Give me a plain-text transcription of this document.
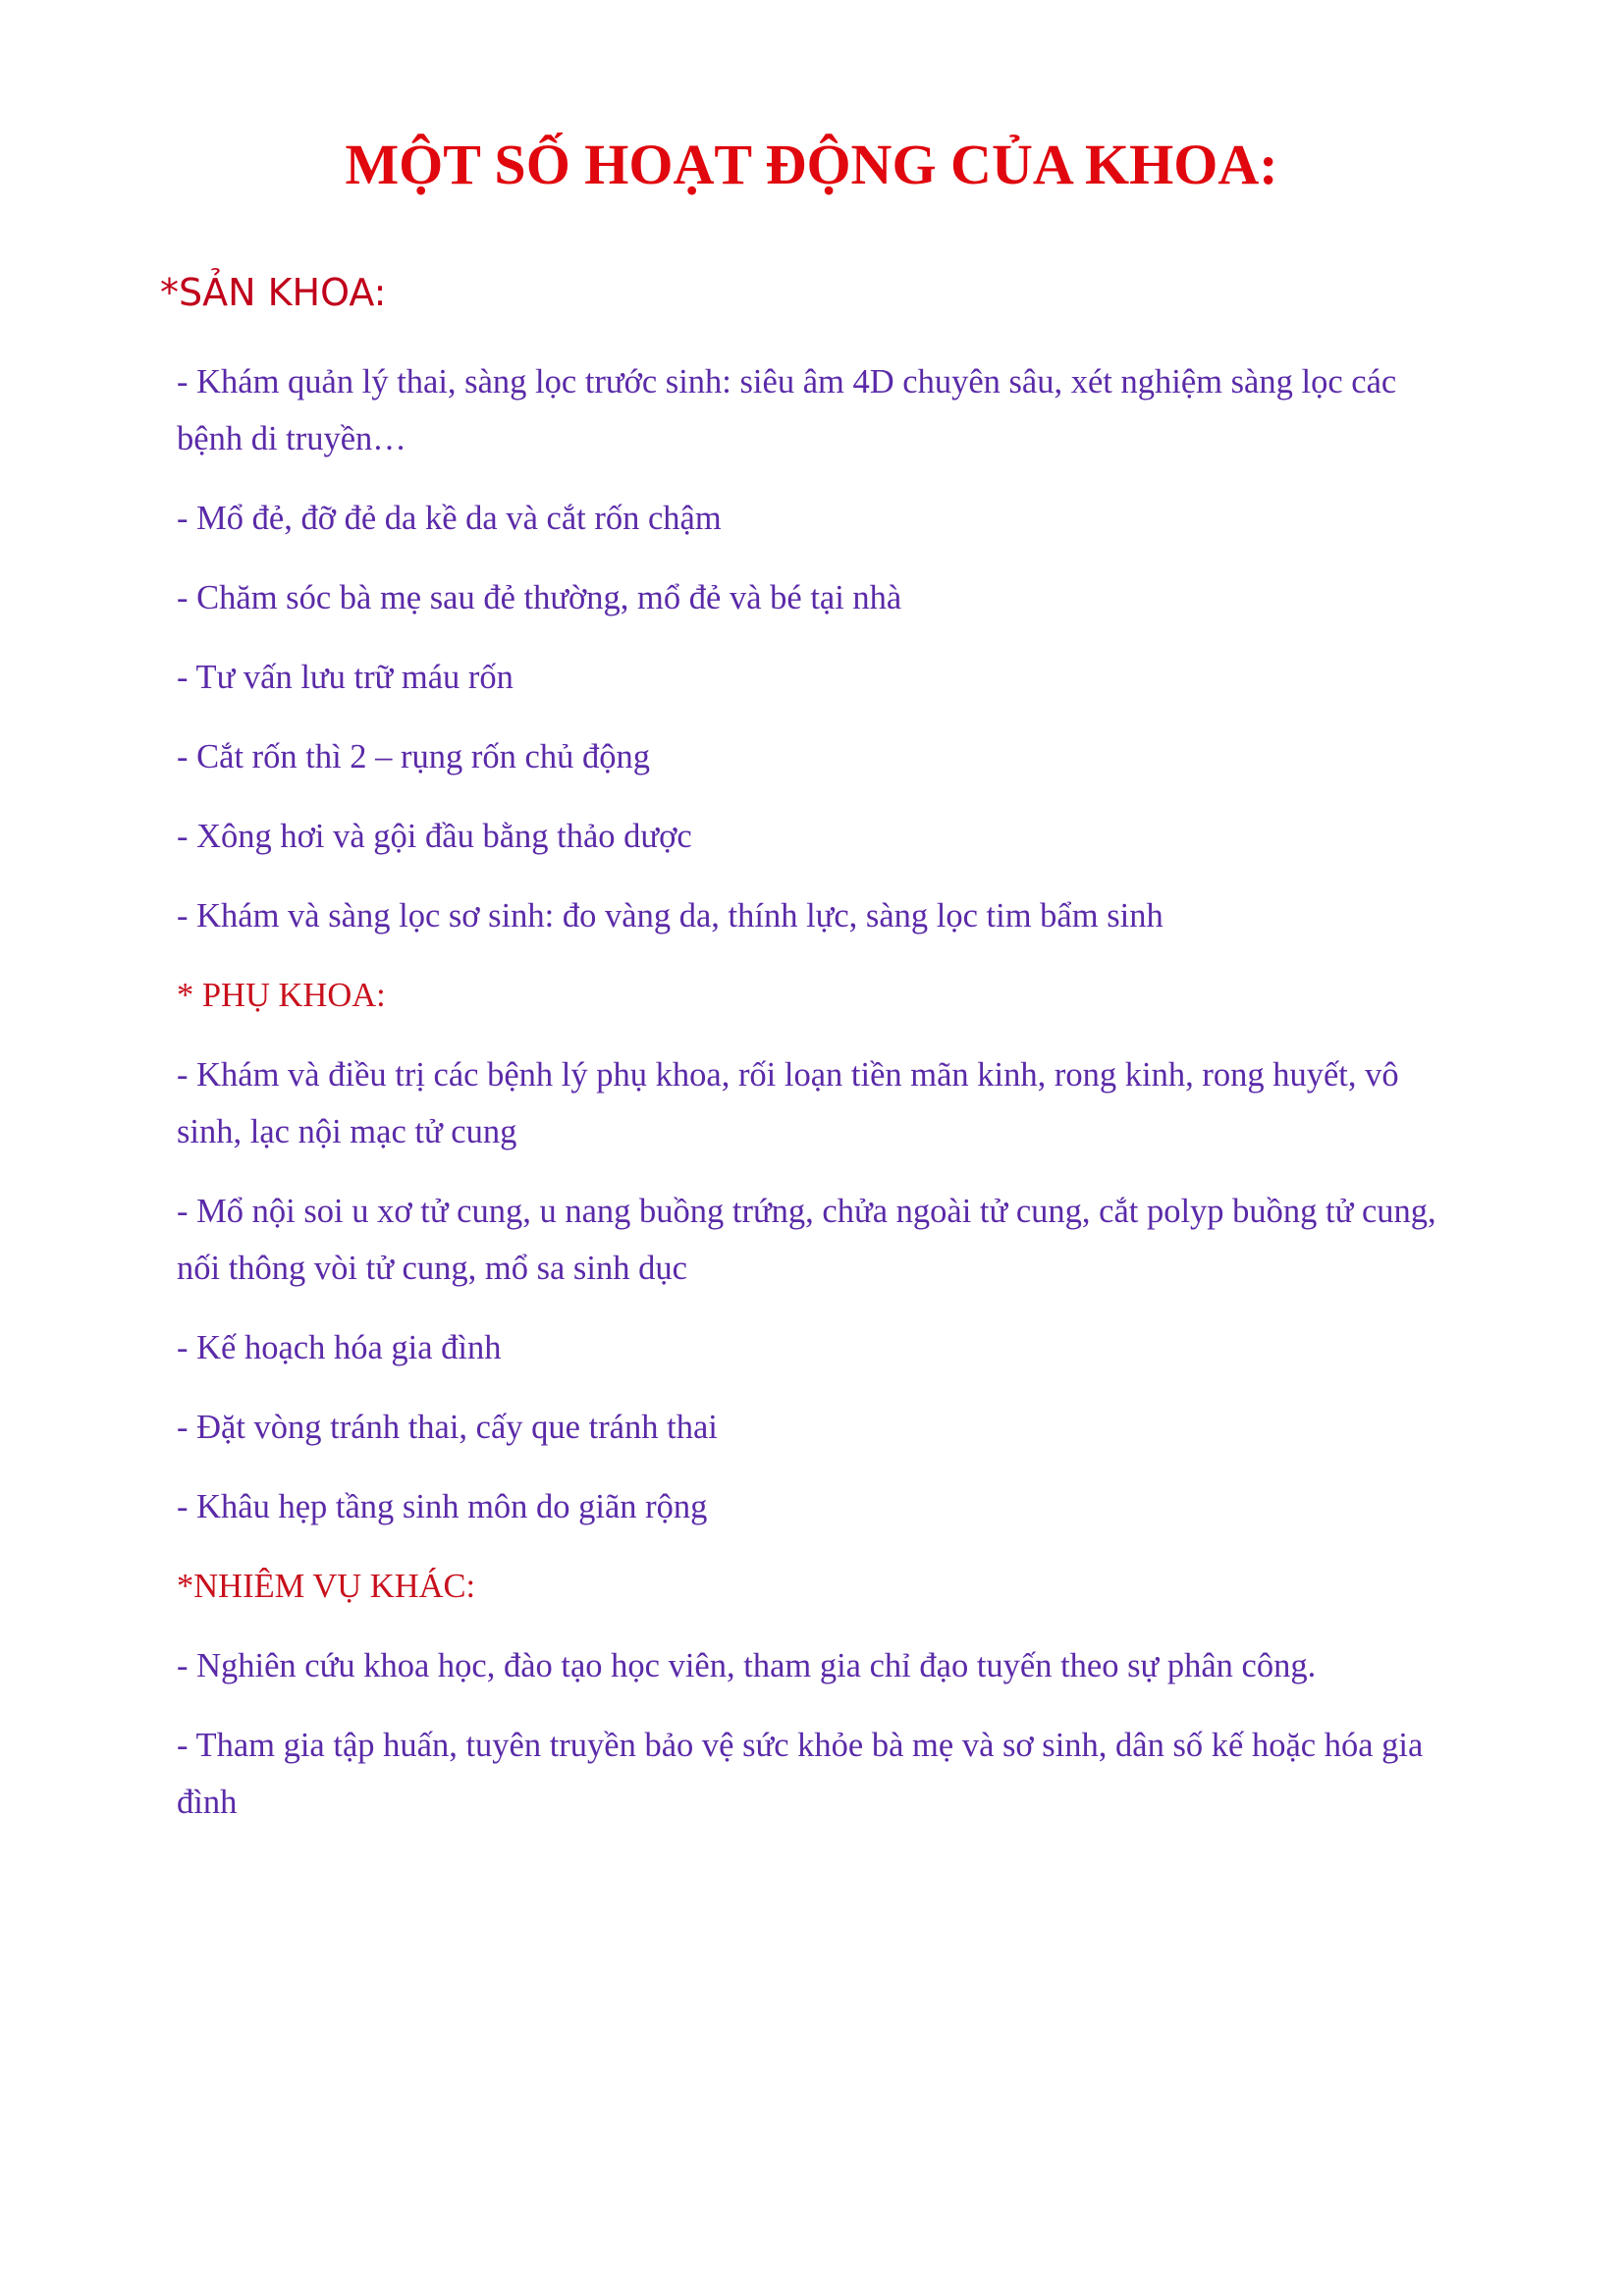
MỘT SỐ HOẠT ĐỘNG CỦA KHOA:
*SẢN KHOA:
- Khám quản lý thai, sàng lọc trước sinh: siêu âm 4D chuyên sâu, xét nghiệm sàng lọc các bệnh di truyền…
- Mổ đẻ, đỡ đẻ da kề da và cắt rốn chậm
- Chăm sóc bà mẹ sau đẻ thường, mổ đẻ và bé tại nhà
- Tư vấn lưu trữ máu rốn
- Cắt rốn thì 2 – rụng rốn chủ động
- Xông hơi và gội đầu bằng thảo dược
- Khám và sàng lọc sơ sinh: đo vàng da, thính lực, sàng lọc tim bẩm sinh
* PHỤ KHOA:
- Khám và điều trị các bệnh lý phụ khoa, rối loạn tiền mãn kinh, rong kinh, rong huyết, vô sinh, lạc nội mạc tử cung
- Mổ nội soi u xơ tử cung, u nang buồng trứng, chửa ngoài tử cung, cắt polyp buồng tử cung, nối thông vòi tử cung, mổ sa sinh dục
- Kế hoạch hóa gia đình
- Đặt vòng tránh thai, cấy que tránh thai
- Khâu hẹp tầng sinh môn do giãn rộng
*NHIÊM VỤ KHÁC:
- Nghiên cứu khoa học, đào tạo học viên, tham gia chỉ đạo tuyến theo sự phân công.
- Tham gia tập huấn, tuyên truyền bảo vệ sức khỏe bà mẹ và sơ sinh, dân số kế hoặc hóa gia đình
